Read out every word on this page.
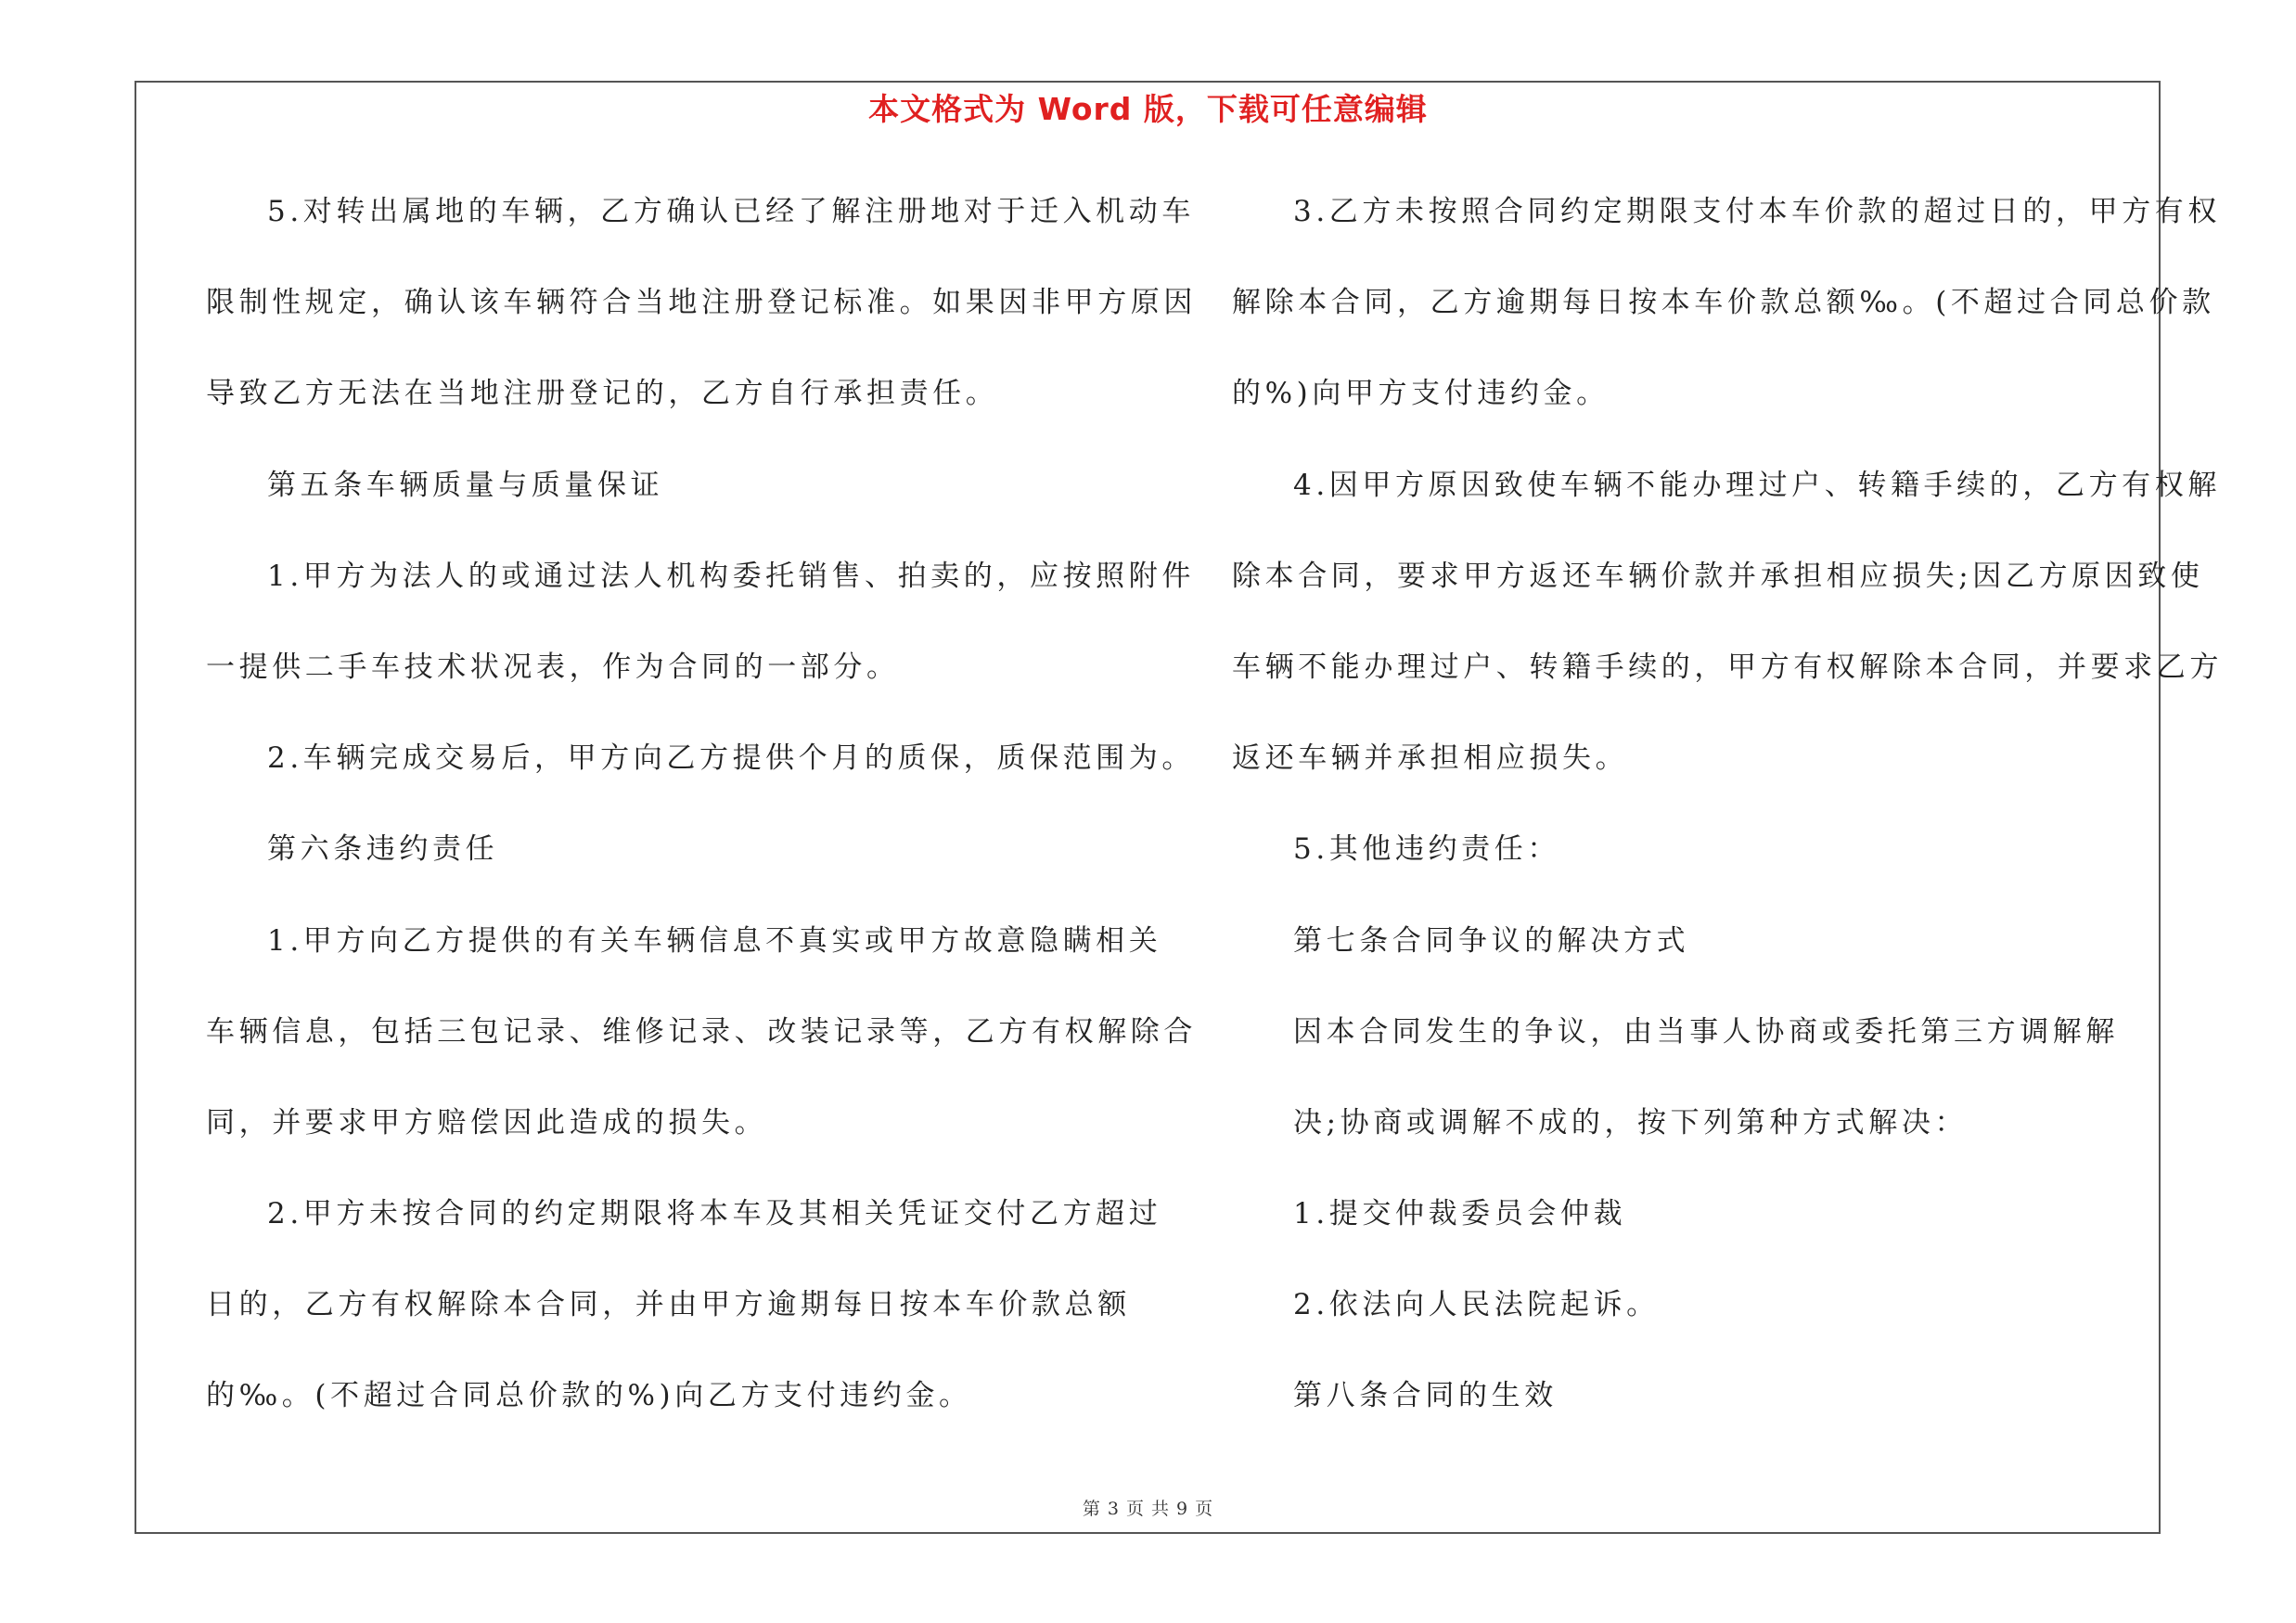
本文格式为 Word 版，下载可任意编辑
5.对转出属地的车辆，乙方确认已经了解注册地对于迁入机动车
限制性规定，确认该车辆符合当地注册登记标准。如果因非甲方原因
导致乙方无法在当地注册登记的，乙方自行承担责任。
第五条车辆质量与质量保证
1.甲方为法人的或通过法人机构委托销售、拍卖的，应按照附件
一提供二手车技术状况表，作为合同的一部分。
2.车辆完成交易后，甲方向乙方提供个月的质保，质保范围为。
第六条违约责任
1.甲方向乙方提供的有关车辆信息不真实或甲方故意隐瞒相关
车辆信息，包括三包记录、维修记录、改装记录等，乙方有权解除合
同，并要求甲方赔偿因此造成的损失。
2.甲方未按合同的约定期限将本车及其相关凭证交付乙方超过
日的，乙方有权解除本合同，并由甲方逾期每日按本车价款总额
的‰。(不超过合同总价款的%)向乙方支付违约金。
3.乙方未按照合同约定期限支付本车价款的超过日的，甲方有权
解除本合同，乙方逾期每日按本车价款总额‰。(不超过合同总价款
的%)向甲方支付违约金。
4.因甲方原因致使车辆不能办理过户、转籍手续的，乙方有权解
除本合同，要求甲方返还车辆价款并承担相应损失;因乙方原因致使
车辆不能办理过户、转籍手续的，甲方有权解除本合同，并要求乙方
返还车辆并承担相应损失。
5.其他违约责任：
第七条合同争议的解决方式
因本合同发生的争议，由当事人协商或委托第三方调解解
决;协商或调解不成的，按下列第种方式解决：
1.提交仲裁委员会仲裁
2.依法向人民法院起诉。
第八条合同的生效
第 3 页 共 9 页
